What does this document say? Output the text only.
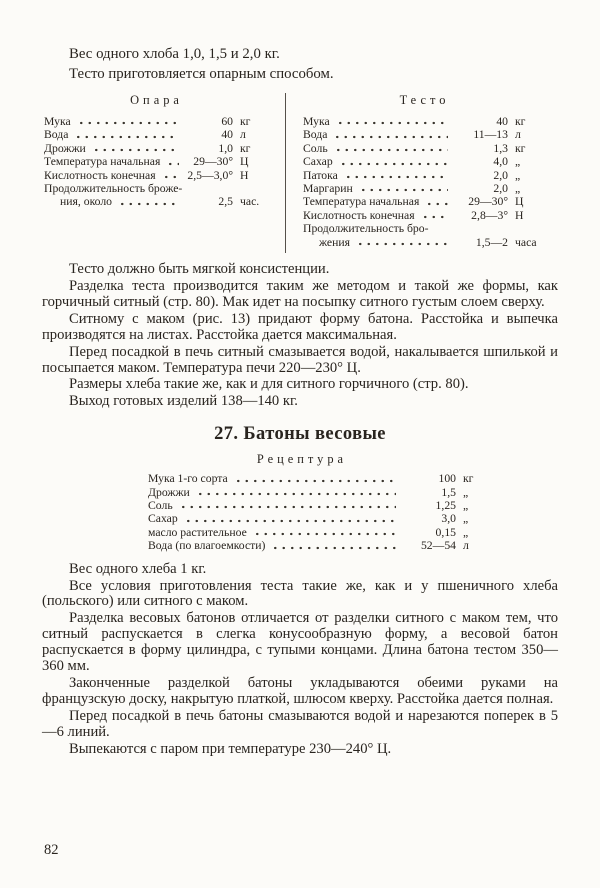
Вес одного хлоба 1,0, 1,5 и 2,0 кг.

Тесто приготовляется опарным способом.

Опара
Мука	60 кг
Вода	40 л
Дрожжи	1,0 кг
Температура начальная	29—30° Ц
Кислотность конечная	2,5—3,0° Н
Продолжительность броже-
ния, около	2,5 час.
Тесто
Мука	40 кг
Вода	11—13 л
Соль	1,3 кг
Сахар	4,0 „
Патока	2,0 „
Маргарин	2,0 „
Температура начальная	29—30° Ц
Кислотность конечная	2,8—3° Н
Продолжительность бро-
жения	1,5—2 часа

Тесто должно быть мягкой консистенции.

Разделка теста производится таким же методом и такой же формы, как горчичный ситный (стр. 80). Мак идет на посыпку ситного густым слоем сверху.

Ситному с маком (рис. 13) придают форму батона. Расстойка и выпечка производятся на листах. Расстойка дается максимальная.

Перед посадкой в печь ситный смазывается водой, накалывается шпилькой и посыпается маком. Температура печи 220—230° Ц.

Размеры хлеба такие же, как и для ситного горчичного (стр. 80).

Выход готовых изделий 138—140 кг.

27. Батоны весовые
Рецептура
Мука 1-го сорта	100 кг
Дрожжи	1,5 „
Соль	1,25 „
Сахар	3,0 „
масло растительное	0,15 „
Вода (по влагоемкости)	52—54 л

Вес одного хлеба 1 кг.

Все условия приготовления теста такие же, как и у пшеничного хлеба (польского) или ситного с маком.

Разделка весовых батонов отличается от разделки ситного с маком тем, что ситный распускается в слегка конусообразную форму, а весовой батон распускается в форму цилиндра, с тупыми концами. Длина батона тестом 350—360 мм.

Законченные разделкой батоны укладываются обеими руками на французскую доску, накрытую платкой, шлюсом кверху. Расстойка дается полная.

Перед посадкой в печь батоны смазываются водой и нарезаются поперек в 5—6 линий.

Выпекаются с паром при температуре 230—240° Ц.

82
